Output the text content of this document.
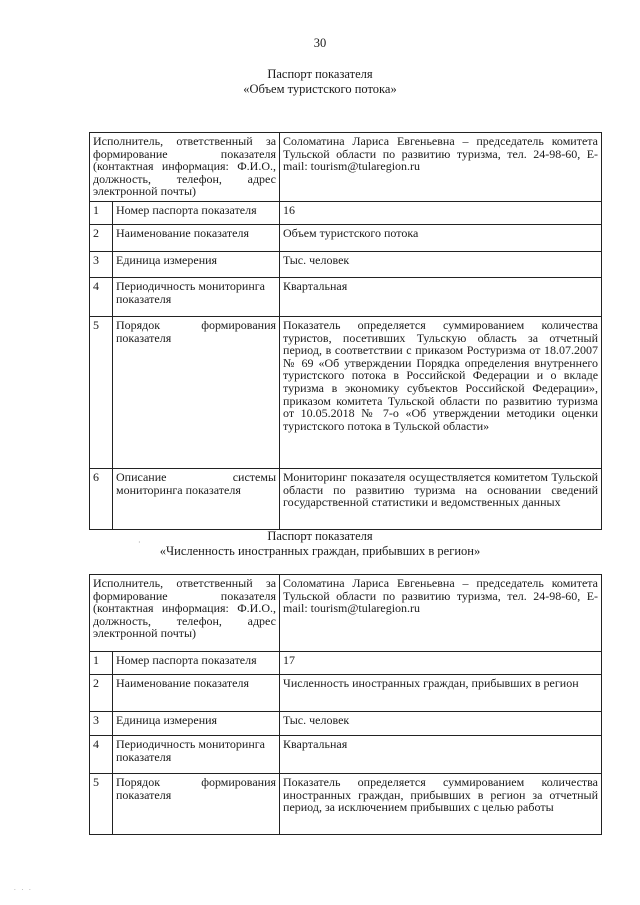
30
Паспорт показателя
«Объем туристского потока»
Исполнитель, ответственный за формирование показателя (контактная информация: Ф.И.О., должность, телефон, адрес электронной почты)		Соломатина Лариса Евгеньевна – председатель комитета Тульской области по развитию туризма, тел. 24-98-60, E-mail: tourism@tularegion.ru
1	Номер паспорта показателя	16
2	Наименование показателя	Объем туристского потока
3	Единица измерения	Тыс. человек
4	Периодичность мониторинга показателя	Квартальная
5	Порядок формирования показателя	Показатель определяется суммированием количества туристов, посетивших Тульскую область за отчетный период, в соответствии с приказом Ростуризма от 18.07.2007 № 69 «Об утверждении Порядка определения внутреннего туристского потока в Российской Федерации и о вкладе туризма в экономику субъектов Российской Федерации», приказом комитета Тульской области по развитию туризма от 10.05.2018 № 7-о «Об утверждении методики оценки туристского потока в Тульской области»
6	Описание системы мониторинга показателя	Мониторинг показателя осуществляется комитетом Тульской области по развитию туризма на основании сведений государственной статистики и ведомственных данных
·	Паспорт показателя
«Численность иностранных граждан, прибывших в регион»
Исполнитель, ответственный за формирование показателя (контактная информация: Ф.И.О., должность, телефон, адрес электронной почты)		Соломатина Лариса Евгеньевна – председатель комитета Тульской области по развитию туризма, тел. 24-98-60, E-mail: tourism@tularegion.ru
1	Номер паспорта показателя	17
2	Наименование показателя	Численность иностранных граждан, прибывших в регион
3	Единица измерения	Тыс. человек
4	Периодичность мониторинга показателя	Квартальная
5	Порядок формирования показателя	Показатель определяется суммированием количества иностранных граждан, прибывших в регион за отчетный период, за исключением прибывших с целью работы
. . .
